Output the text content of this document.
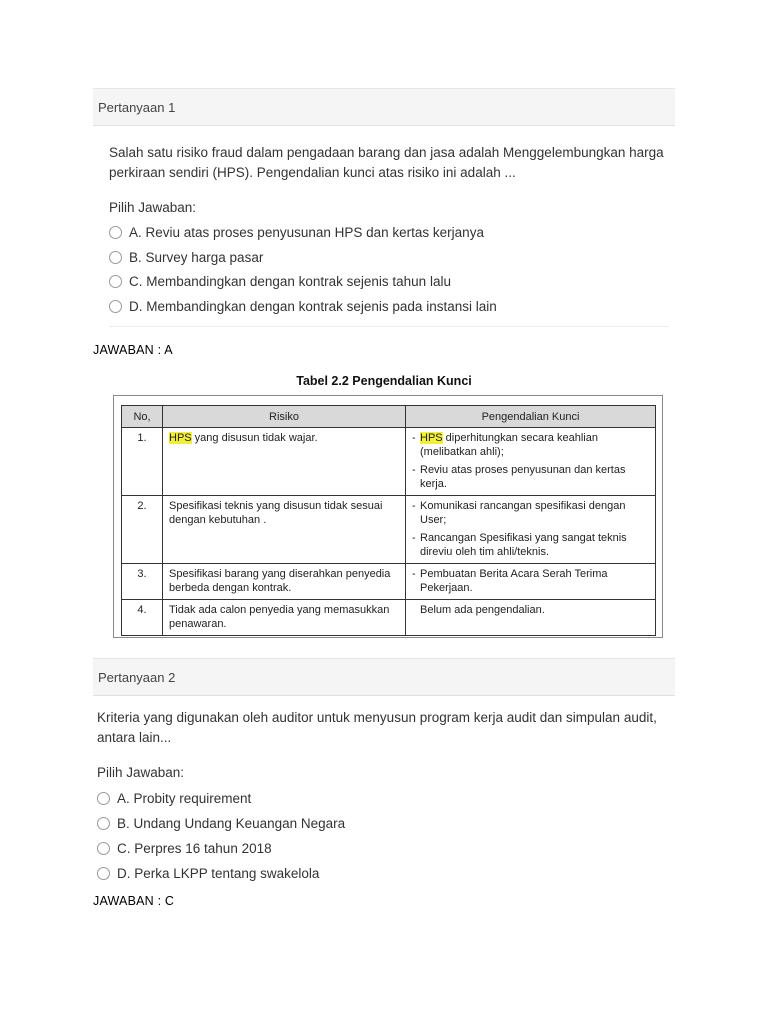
Pertanyaan 1
Salah satu risiko fraud dalam pengadaan barang dan jasa adalah Menggelembungkan harga
perkiraan sendiri (HPS). Pengendalian kunci atas risiko ini adalah ...
Pilih Jawaban:
A. Reviu atas proses penyusunan HPS dan kertas kerjanya
B. Survey harga pasar
C. Membandingkan dengan kontrak sejenis tahun lalu
D. Membandingkan dengan kontrak sejenis pada instansi lain
JAWABAN : A
Tabel 2.2 Pengendalian Kunci
No,	Risiko	Pengendalian Kunci
1.	HPS yang disusun tidak wajar.	- HPS diperhitungkan secara keahlian (melibatkan ahli);
- Reviu atas proses penyusunan dan kertas kerja.

2.	Spesifikasi teknis yang disusun tidak sesuai dengan kebutuhan .	- Komunikasi rancangan spesifikasi dengan User;
- Rancangan Spesifikasi yang sangat teknis direviu oleh tim ahli/teknis.

3.	Spesifikasi barang yang diserahkan penyedia berbeda dengan kontrak.	- Pembuatan Berita Acara Serah Terima Pekerjaan.

4.	Tidak ada calon penyedia yang memasukkan penawaran.	Belum ada pengendalian.
Pertanyaan 2
Kriteria yang digunakan oleh auditor untuk menyusun program kerja audit dan simpulan audit,
antara lain...
Pilih Jawaban:
A. Probity requirement
B. Undang Undang Keuangan Negara
C. Perpres 16 tahun 2018
D. Perka LKPP tentang swakelola
JAWABAN : C
